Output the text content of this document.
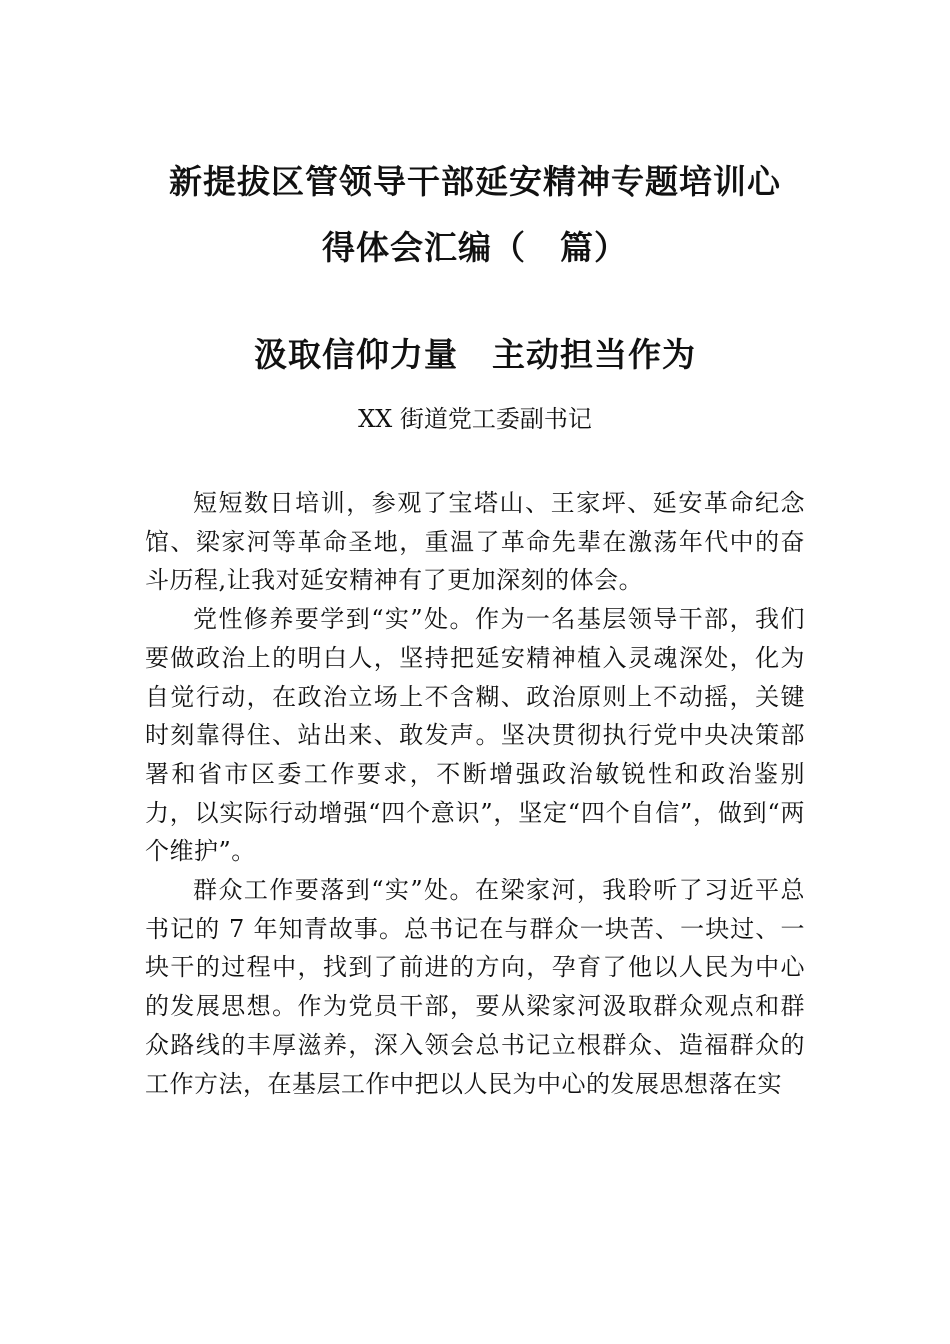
新提拔区管领导干部延安精神专题培训心
得体会汇编（　篇）
汲取信仰力量　主动担当作为

XX 街道党工委副书记

短短数日培训，参观了宝塔山、王家坪、延安革命纪念馆、梁家河等革命圣地，重温了革命先辈在激荡年代中的奋斗历程,让我对延安精神有了更加深刻的体会。

党性修养要学到“实”处。作为一名基层领导干部，我们要做政治上的明白人，坚持把延安精神植入灵魂深处，化为自觉行动，在政治立场上不含糊、政治原则上不动摇，关键时刻靠得住、站出来、敢发声。坚决贯彻执行党中央决策部署和省市区委工作要求，不断增强政治敏锐性和政治鉴别力，以实际行动增强“四个意识”，坚定“四个自信”，做到“两个维护”。

群众工作要落到“实”处。在梁家河，我聆听了习近平总书记的 7 年知青故事。总书记在与群众一块苦、一块过、一块干的过程中，找到了前进的方向，孕育了他以人民为中心的发展思想。作为党员干部，要从梁家河汲取群众观点和群众路线的丰厚滋养，深入领会总书记立根群众、造福群众的工作方法，在基层工作中把以人民为中心的发展思想落在实
